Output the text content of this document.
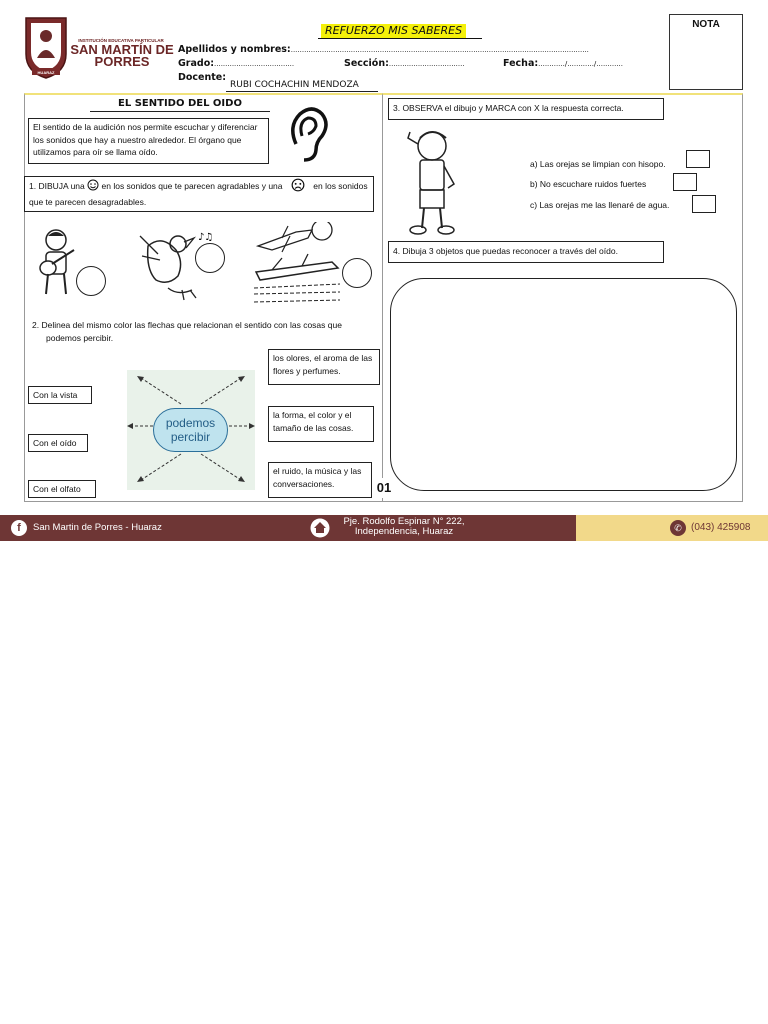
INSTITUCIÓN EDUCATIVA PARTICULAR
HUARAZ
SAN MARTÍN DE PORRES
REFUERZO MIS SABERES
Apellidos y nombres:......................................................................................................................................
Grado:....................................	Sección:..................................	Fecha:............/............/............
Docente:
RUBI COCHACHIN MENDOZA
NOTA
EL SENTIDO DEL OIDO
El sentido de la audición nos permite escuchar y diferenciar los sonidos que hay a nuestro alrededor. El órgano que utilizamos para oír se llama oído.
1. DIBUJA una en los sonidos que te parecen agradables y una	en los sonidos que te parecen desagradables.
♪♫
2. Delinea del mismo color las flechas que relacionan el sentido con las cosas que podemos percibir.
Con la vista
Con el oído
Con el olfato
podemos percibir
los olores, el aroma de las flores y perfumes.
la forma, el color y el tamaño de las cosas.
el ruido, la música y las conversaciones.	01
3. OBSERVA el dibujo y MARCA con X la respuesta correcta.
a) Las orejas se limpian con hisopo.
b) No escuchare ruidos fuertes
c) Las orejas me las llenaré de agua.
4. Dibuja 3 objetos que puedas reconocer a través del oído.
f	San Martin de Porres - Huaraz
Pje. Rodolfo Espinar N° 222,
Independencia, Huaraz	✆ (043) 425908
